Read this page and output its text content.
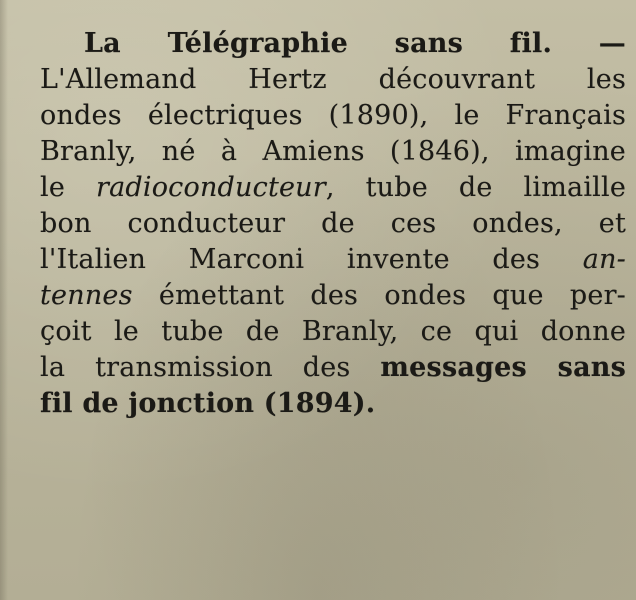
La Télégraphie sans fil. —
L'Allemand Hertz découvrant les
ondes électriques (1890), le Français
Branly, né à Amiens (1846), imagine
le radioconducteur, tube de limaille
bon conducteur de ces ondes, et
l'Italien Marconi invente des an-
tennes émettant des ondes que per-
çoit le tube de Branly, ce qui donne
la transmission des messages sans
fil de jonction (1894).
